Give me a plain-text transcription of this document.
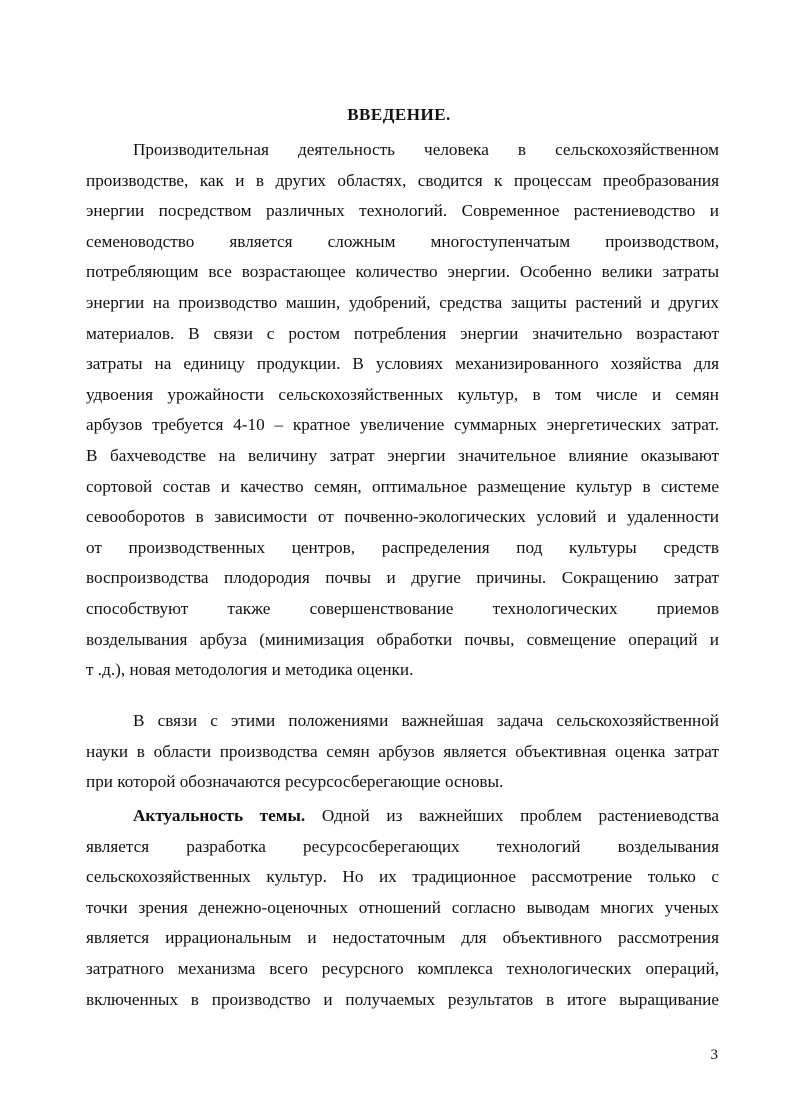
ВВЕДЕНИЕ.
Производительная деятельность человека в сельскохозяйственном
производстве, как и в других областях, сводится к процессам преобразования
энергии посредством различных технологий. Современное растениеводство и
семеноводство является сложным многоступенчатым производством,
потребляющим все возрастающее количество энергии. Особенно велики затраты
энергии на производство машин, удобрений, средства защиты растений и других
материалов. В связи с ростом потребления энергии значительно возрастают
затраты на единицу продукции. В условиях механизированного хозяйства для
удвоения урожайности сельскохозяйственных культур, в том числе и семян
арбузов требуется 4-10 – кратное увеличение суммарных энергетических затрат.
В бахчеводстве на величину затрат энергии значительное влияние оказывают
сортовой состав и качество семян, оптимальное размещение культур в системе
севооборотов в зависимости от почвенно-экологических условий и удаленности
от производственных центров, распределения под культуры средств
воспроизводства плодородия почвы и другие причины. Сокращению затрат
способствуют также совершенствование технологических приемов
возделывания арбуза (минимизация обработки почвы, совмещение операций и
т .д.), новая методология и методика оценки.
В связи с этими положениями важнейшая задача сельскохозяйственной
науки в области производства семян арбузов является объективная оценка затрат
при которой обозначаются ресурсосберегающие основы.
Актуальность темы. Одной из важнейших проблем растениеводства
является разработка ресурсосберегающих технологий возделывания
сельскохозяйственных культур. Но их традиционное рассмотрение только с
точки зрения денежно-оценочных отношений согласно выводам многих ученых
является иррациональным и недостаточным для объективного рассмотрения
затратного механизма всего ресурсного комплекса технологических операций,
включенных в производство и получаемых результатов в итоге выращивание
3
